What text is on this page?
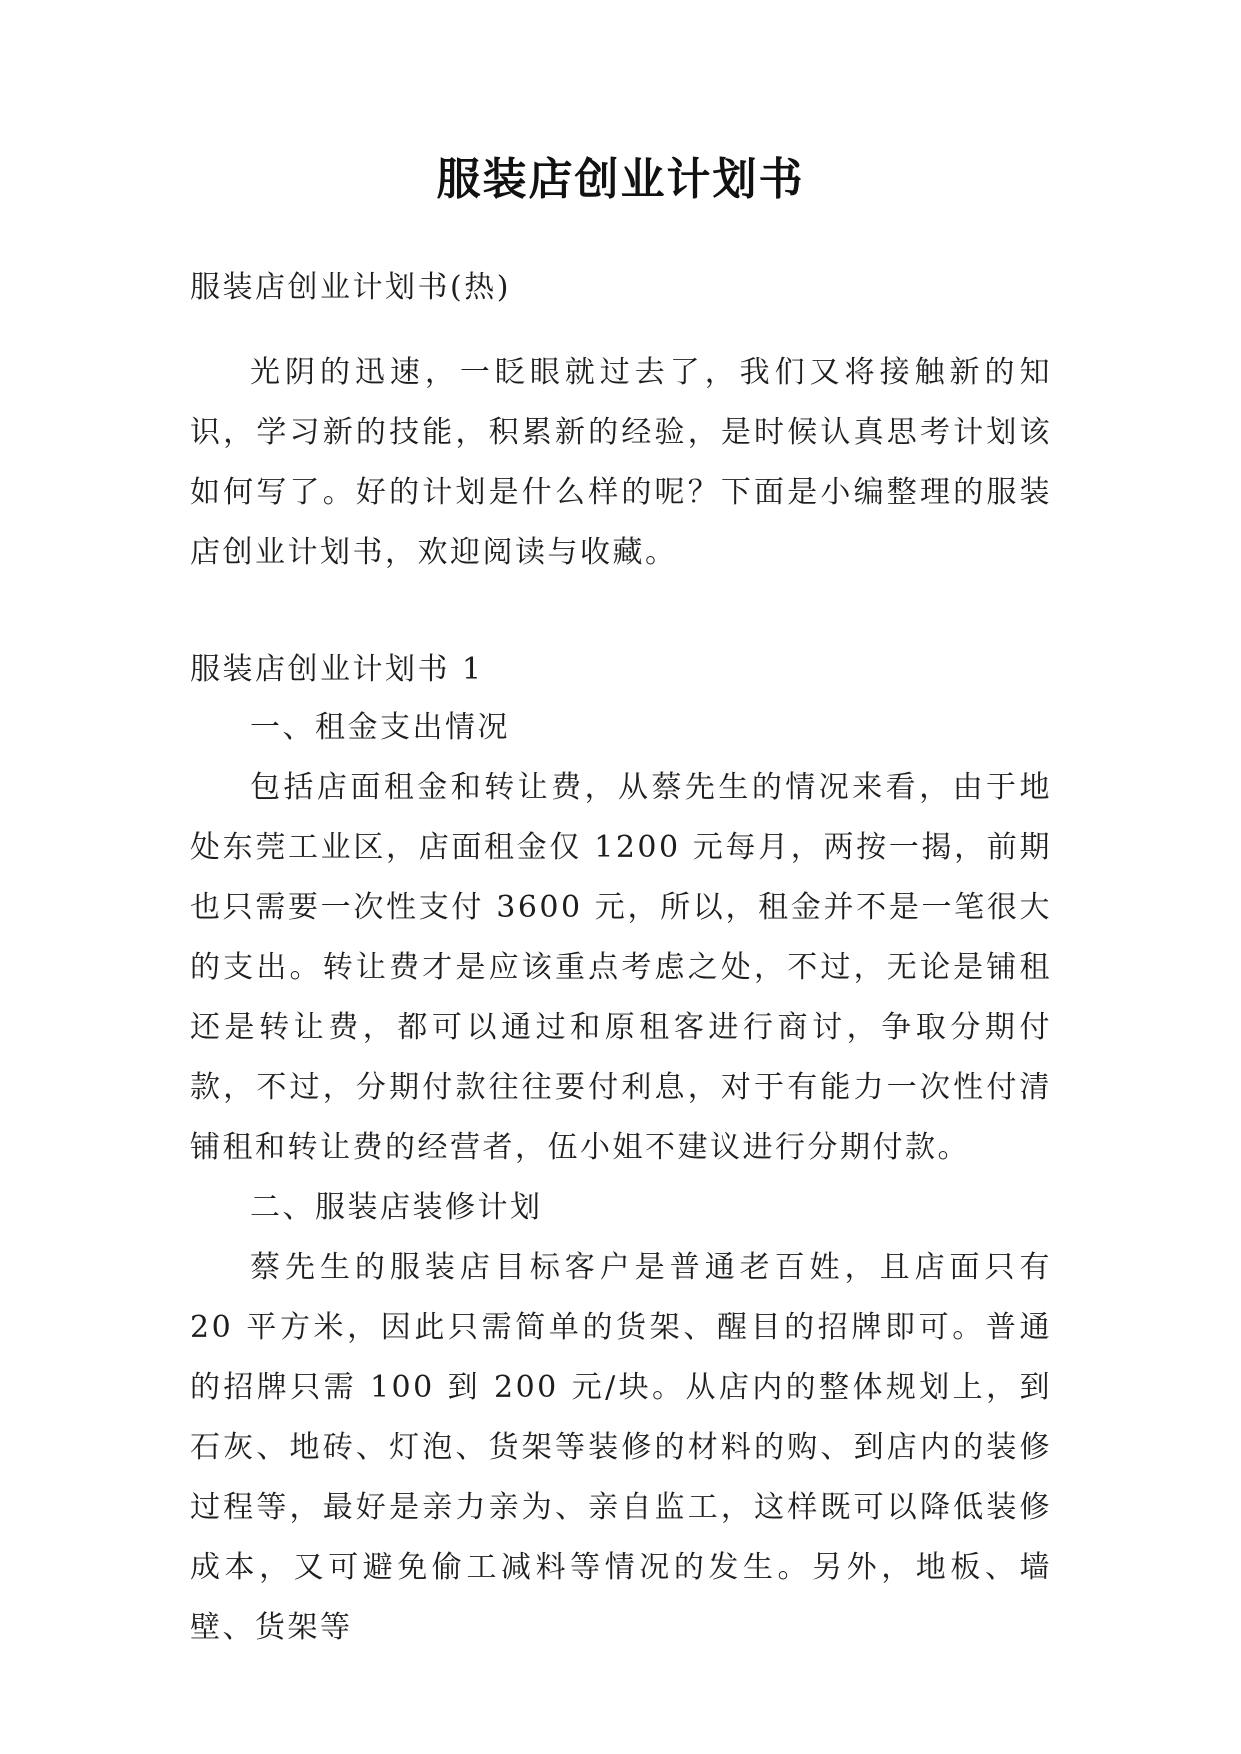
服装店创业计划书
服装店创业计划书(热)

光阴的迅速，一眨眼就过去了，我们又将接触新的知识，学习新的技能，积累新的经验，是时候认真思考计划该如何写了。好的计划是什么样的呢？下面是小编整理的服装店创业计划书，欢迎阅读与收藏。

服装店创业计划书 1

一、租金支出情况

包括店面租金和转让费，从蔡先生的情况来看，由于地处东莞工业区，店面租金仅 1200 元每月，两按一揭，前期也只需要一次性支付 3600 元，所以，租金并不是一笔很大的支出。转让费才是应该重点考虑之处，不过，无论是铺租还是转让费，都可以通过和原租客进行商讨，争取分期付款，不过，分期付款往往要付利息，对于有能力一次性付清铺租和转让费的经营者，伍小姐不建议进行分期付款。

二、服装店装修计划

蔡先生的服装店目标客户是普通老百姓，且店面只有 20 平方米，因此只需简单的货架、醒目的招牌即可。普通的招牌只需 100 到 200 元/块。从店内的整体规划上，到石灰、地砖、灯泡、货架等装修的材料的购、到店内的装修过程等，最好是亲力亲为、亲自监工，这样既可以降低装修成本，又可避免偷工减料等情况的发生。另外，地板、墙壁、货架等
